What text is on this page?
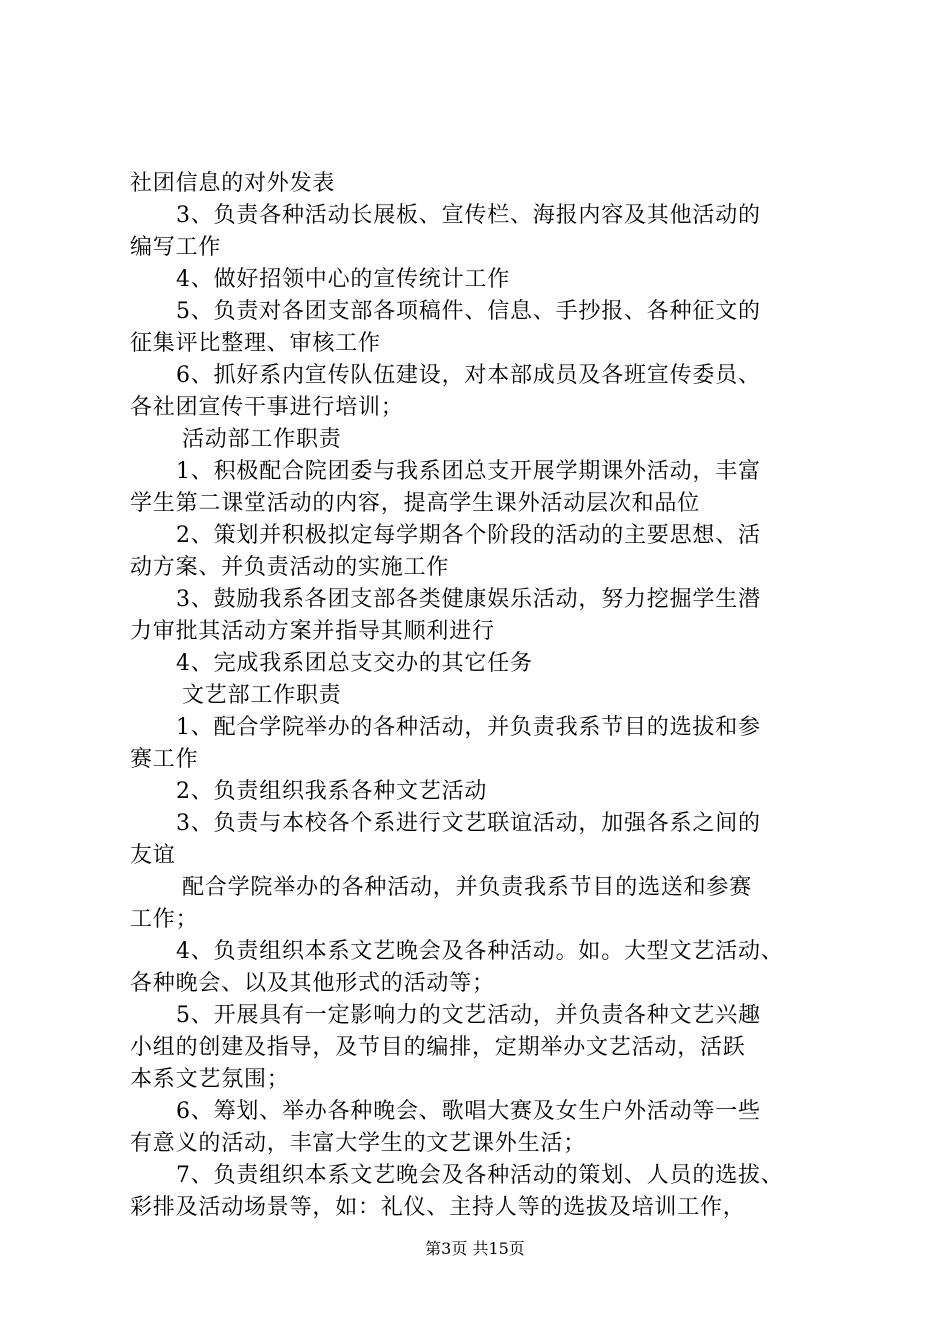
社团信息的对外发表
3、负责各种活动长展板、宣传栏、海报内容及其他活动的
编写工作
4、做好招领中心的宣传统计工作
5、负责对各团支部各项稿件、信息、手抄报、各种征文的
征集评比整理、审核工作
6、抓好系内宣传队伍建设，对本部成员及各班宣传委员、
各社团宣传干事进行培训；
活动部工作职责
1、积极配合院团委与我系团总支开展学期课外活动，丰富
学生第二课堂活动的内容，提高学生课外活动层次和品位
2、策划并积极拟定每学期各个阶段的活动的主要思想、活
动方案、并负责活动的实施工作
3、鼓励我系各团支部各类健康娱乐活动，努力挖掘学生潜
力审批其活动方案并指导其顺利进行
4、完成我系团总支交办的其它任务
文艺部工作职责
1、配合学院举办的各种活动，并负责我系节目的选拔和参
赛工作
2、负责组织我系各种文艺活动
3、负责与本校各个系进行文艺联谊活动，加强各系之间的
友谊
配合学院举办的各种活动，并负责我系节目的选送和参赛
工作；
4、负责组织本系文艺晚会及各种活动。如。大型文艺活动、
各种晚会、以及其他形式的活动等；
5、开展具有一定影响力的文艺活动，并负责各种文艺兴趣
小组的创建及指导，及节目的编排，定期举办文艺活动，活跃
本系文艺氛围；
6、筹划、举办各种晚会、歌唱大赛及女生户外活动等一些
有意义的活动，丰富大学生的文艺课外生活；
7、负责组织本系文艺晚会及各种活动的策划、人员的选拔、
彩排及活动场景等，如：礼仪、主持人等的选拔及培训工作，
第3页 共15页
